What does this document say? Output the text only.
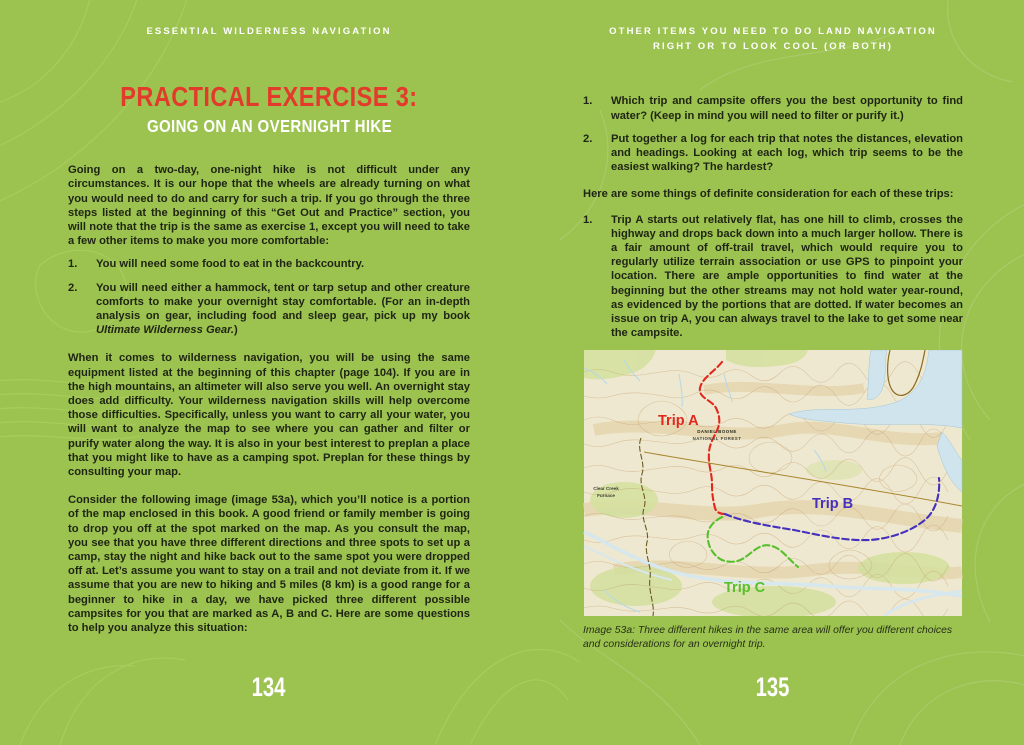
ESSENTIAL WILDERNESS NAVIGATION
PRACTICAL EXERCISE 3:
GOING ON AN OVERNIGHT HIKE
Going on a two-day, one-night hike is not difficult under any circumstances. It is our hope that the wheels are already turning on what you would need to do and carry for such a trip. If you go through the three steps listed at the beginning of this “Get Out and Practice” section, you will note that the trip is the same as exercise 1, except you will need to take a few other items to make you more comfortable:
1.	You will need some food to eat in the backcountry.
2.	You will need either a hammock, tent or tarp setup and other creature comforts to make your overnight stay comfortable. (For an in-depth analysis on gear, including food and sleep gear, pick up my book Ultimate Wilderness Gear.)
When it comes to wilderness navigation, you will be using the same equipment listed at the beginning of this chapter (page 104). If you are in the high mountains, an altimeter will also serve you well. An overnight stay does add difficulty. Your wilderness navigation skills will help overcome those difficulties. Specifically, unless you want to carry all your water, you will want to analyze the map to see where you can gather and filter or purify water along the way. It is also in your best interest to preplan a place that you might like to have as a camping spot. Preplan for these things by consulting your map.
Consider the following image (image 53a), which you’ll notice is a portion of the map enclosed in this book. A good friend or family member is going to drop you off at the spot marked on the map. As you consult the map, you see that you have three different directions and three spots to set up a camp, stay the night and hike back out to the same spot you were dropped off at. Let’s assume you want to stay on a trail and not deviate from it. If we assume that you are new to hiking and 5 miles (8 km) is a good range for a beginner to hike in a day, we have picked three different possible campsites for you that are marked as A, B and C. Here are some questions to help you analyze this situation:
134
OTHER ITEMS YOU NEED TO DO LAND NAVIGATION
RIGHT OR TO LOOK COOL (OR BOTH)
1.	Which trip and campsite offers you the best opportunity to find water? (Keep in mind you will need to filter or purify it.)
2.	Put together a log for each trip that notes the distances, elevation and headings. Looking at each log, which trip seems to be the easiest walking? The hardest?
Here are some things of definite consideration for each of these trips:
1.	Trip A starts out relatively flat, has one hill to climb, crosses the highway and drops back down into a much larger hollow. There is a fair amount of off-trail travel, which would require you to regularly utilize terrain association or use GPS to pinpoint your location. There are ample opportunities to find water at the beginning but the other streams may not hold water year-round, as evidenced by the portions that are dotted. If water becomes an issue on trip A, you can always travel to the lake to get some near the campsite.
DANIEL BOONE
NATIONAL FOREST
Clear Creek
Furnace
Trip A
Trip B
Trip C
Image 53a: Three different hikes in the same area will offer you different choices and considerations for an overnight trip.
135
